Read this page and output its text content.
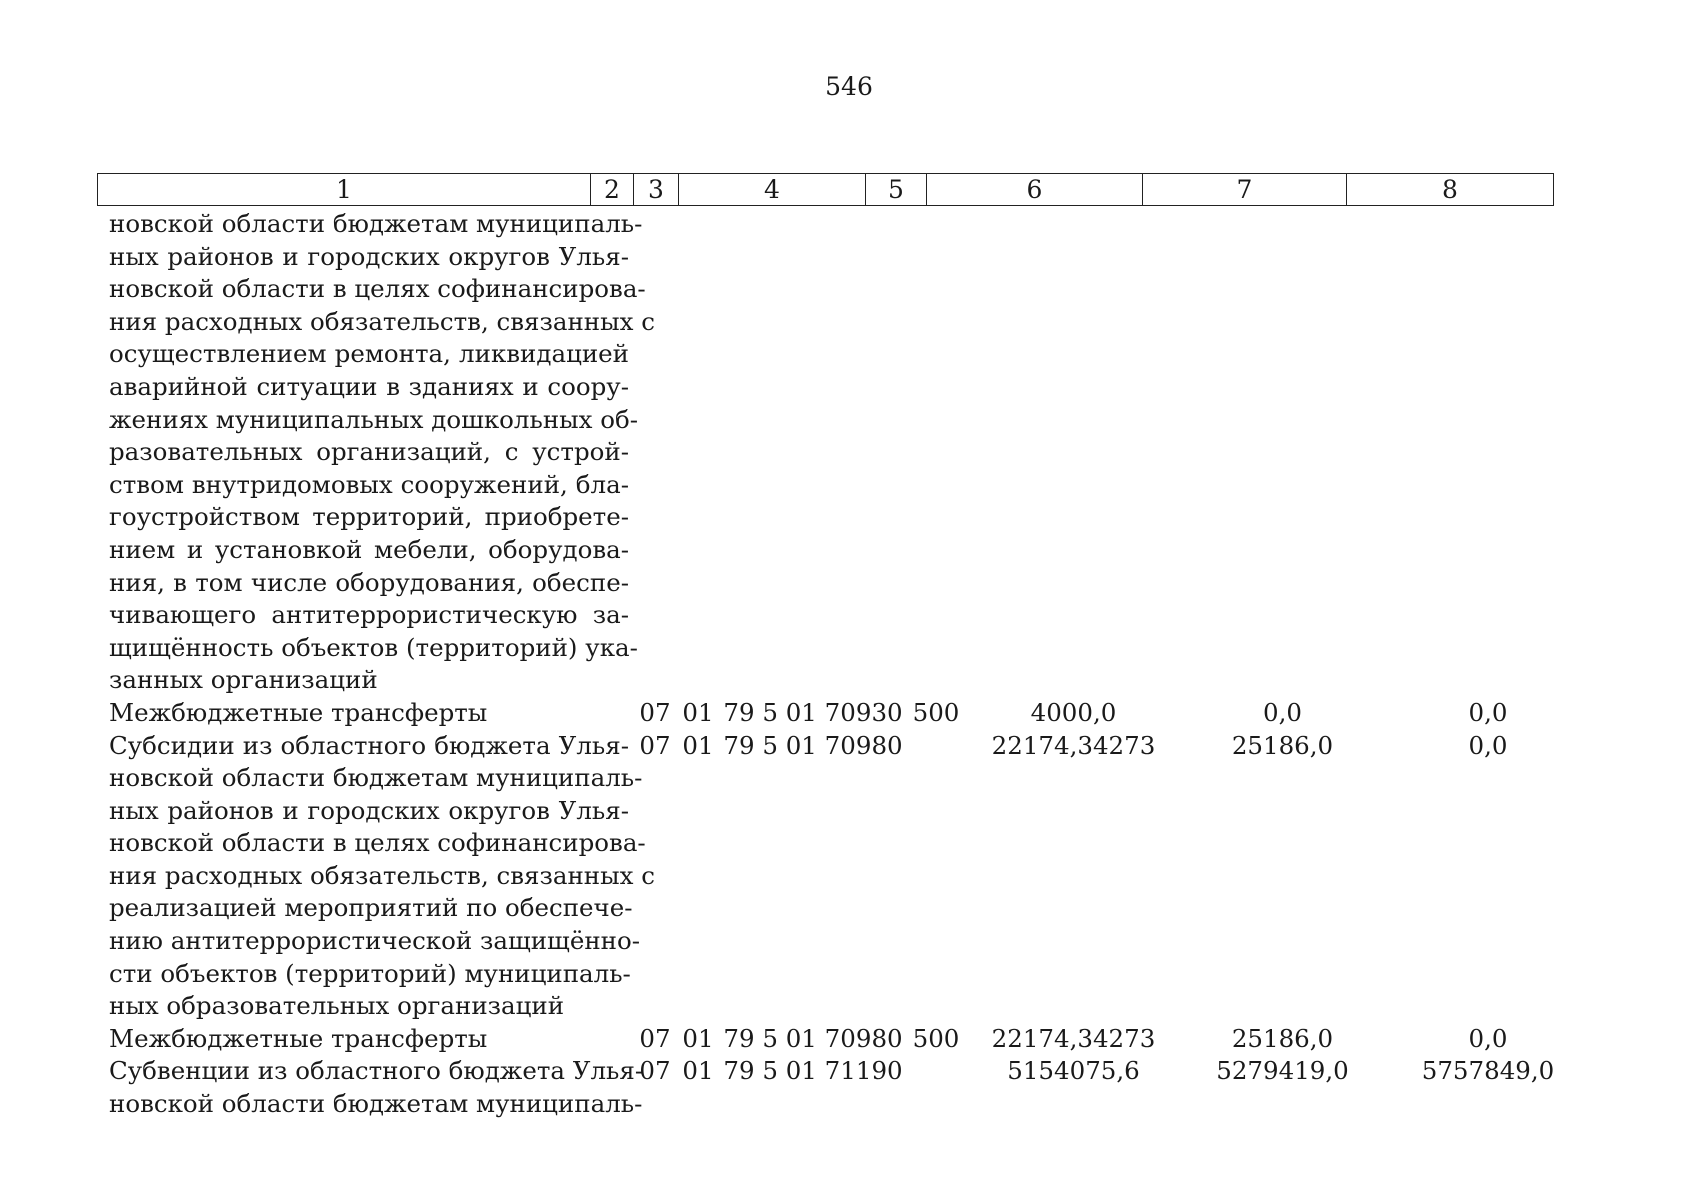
546
1	2	3	4	5	6	7	8
новской области бюджетам муниципаль-
ных районов и городских округов Улья-
новской области в целях софинансирова-
ния расходных обязательств, связанных с
осуществлением ремонта, ликвидацией
аварийной ситуации в зданиях и соору-
жениях муниципальных дошкольных об-
разовательных организаций, с устрой-
ством внутридомовых сооружений, бла-
гоустройством территорий, приобрете-
нием и установкой мебели, оборудова-
ния, в том числе оборудования, обеспе-
чивающего антитеррористическую за-
щищённость объектов (территорий) ука-
занных организаций
Межбюджетные трансферты	07 01 79 5 01 70930 500	4000,0	0,0	0,0
Субсидии из областного бюджета Улья-
новской области бюджетам муниципаль-
ных районов и городских округов Улья-
новской области в целях софинансирова-
ния расходных обязательств, связанных с
реализацией мероприятий по обеспече-
нию антитеррористической защищённо-
сти объектов (территорий) муниципаль-
ных образовательных организаций
07 01 79 5 01 70980	22174,34273	25186,0	0,0
Межбюджетные трансферты	07 01 79 5 01 70980 500	22174,34273	25186,0	0,0
Субвенции из областного бюджета Улья-
новской области бюджетам муниципаль-
07 01 79 5 01 71190	5154075,6	5279419,0	5757849,0
